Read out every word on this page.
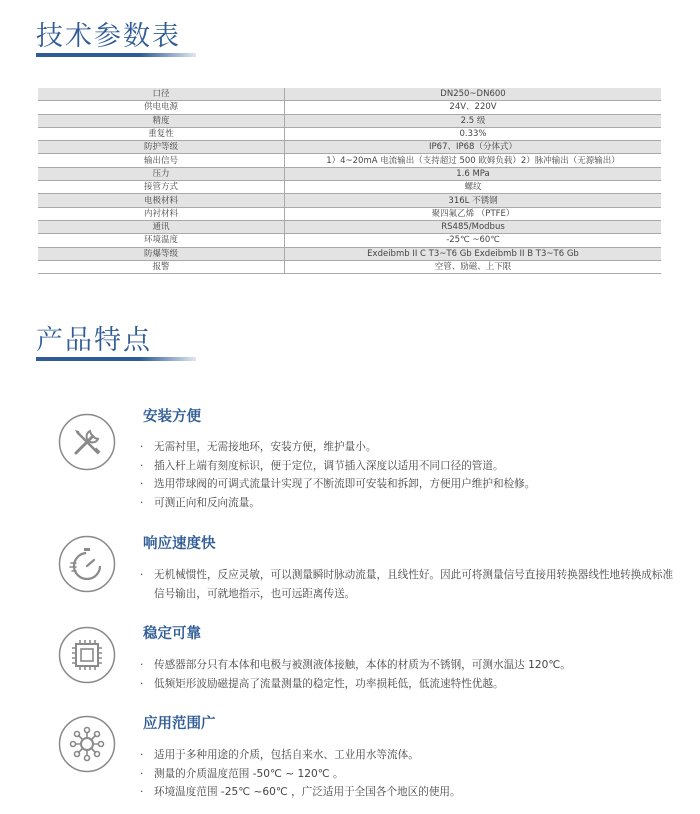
技术参数表
口径	DN250~DN600
供电电源	24V、220V
精度	2.5 级
重复性	0.33%
防护等级	IP67、IP68（分体式）
输出信号	1）4~20mA 电流输出（支持超过 500 欧姆负载）2）脉冲输出（无源输出）
压力	1.6 MPa
接管方式	螺纹
电极材料	316L 不锈钢
内衬材料	聚四氟乙烯 （PTFE）
通讯	RS485/Modbus
环境温度	-25℃ ~60℃
防爆等级	Exdeibmb II C T3~T6 Gb Exdeibmb II B T3~T6 Gb
报警	空管、励磁、上下限
产品特点
安装方便
· 无需衬里，无需接地环，安装方便，维护量小。
· 插入杆上端有刻度标识，便于定位，调节插入深度以适用不同口径的管道。
· 选用带球阀的可调式流量计实现了不断流即可安装和拆卸，方便用户维护和检修。
· 可测正向和反向流量。
响应速度快
· 无机械惯性，反应灵敏，可以测量瞬时脉动流量，且线性好。因此可将测量信号直接用转换器线性地转换成标准信号输出，可就地指示，也可远距离传送。
稳定可靠
· 传感器部分只有本体和电极与被测液体接触，本体的材质为不锈钢，可测水温达 120℃。
· 低频矩形波励磁提高了流量测量的稳定性，功率损耗低，低流速特性优越。
应用范围广
· 适用于多种用途的介质，包括自来水、工业用水等流体。
· 测量的介质温度范围 -50℃ ~ 120℃ 。
· 环境温度范围 -25℃ ~60℃ ，广泛适用于全国各个地区的使用。
